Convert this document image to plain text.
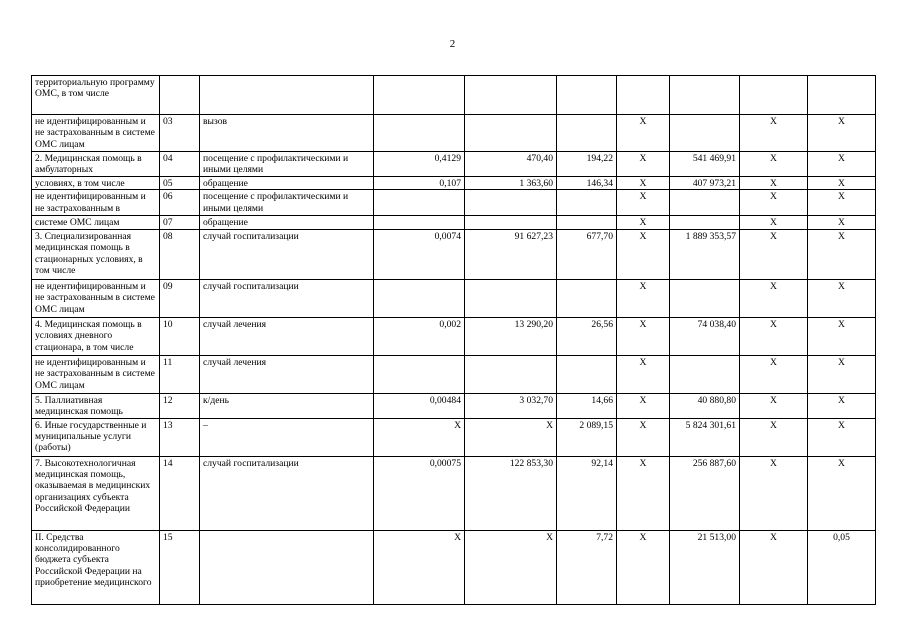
2
территориальную программу ОМС, в том числе									
не идентифицированным и не застрахованным в системе ОМС лицам	03	вызов				X		X	X
2. Медицинская помощь в амбулаторных	04	посещение с профилактическими и иными целями	0,4129	470,40	194,22	X	541 469,91	X	X
условиях, в том числе	05	обращение	0,107	1 363,60	146,34	X	407 973,21	X	X
не идентифицированным и не застрахованным в	06	посещение с профилактическими и иными целями				X		X	X
системе ОМС лицам	07	обращение				X		X	X
3. Специализированная медицинская помощь в стационарных условиях, в том числе	08	случай госпитализации	0,0074	91 627,23	677,70	X	1 889 353,57	X	X
не идентифицированным и не застрахованным в системе ОМС лицам	09	случай госпитализации				X		X	X
4. Медицинская помощь в условиях дневного стационара, в том числе	10	случай лечения	0,002	13 290,20	26,56	X	74 038,40	X	X
не идентифицированным и не застрахованным в системе ОМС лицам	11	случай лечения				X		X	X
5. Паллиативная медицинская помощь	12	к/день	0,00484	3 032,70	14,66	X	40 880,80	X	X
6. Иные государственные и муниципальные услуги (работы)	13	–	X	X	2 089,15	X	5 824 301,61	X	X
7. Высокотехнологичная медицинская помощь, оказываемая в медицинских организациях субъекта Российской Федерации	14	случай госпитализации	0,00075	122 853,30	92,14	X	256 887,60	X	X
II. Средства консолидированного бюджета субъекта Российской Федерации на приобретение медицинского	15		X	X	7,72	X	21 513,00	X	0,05
